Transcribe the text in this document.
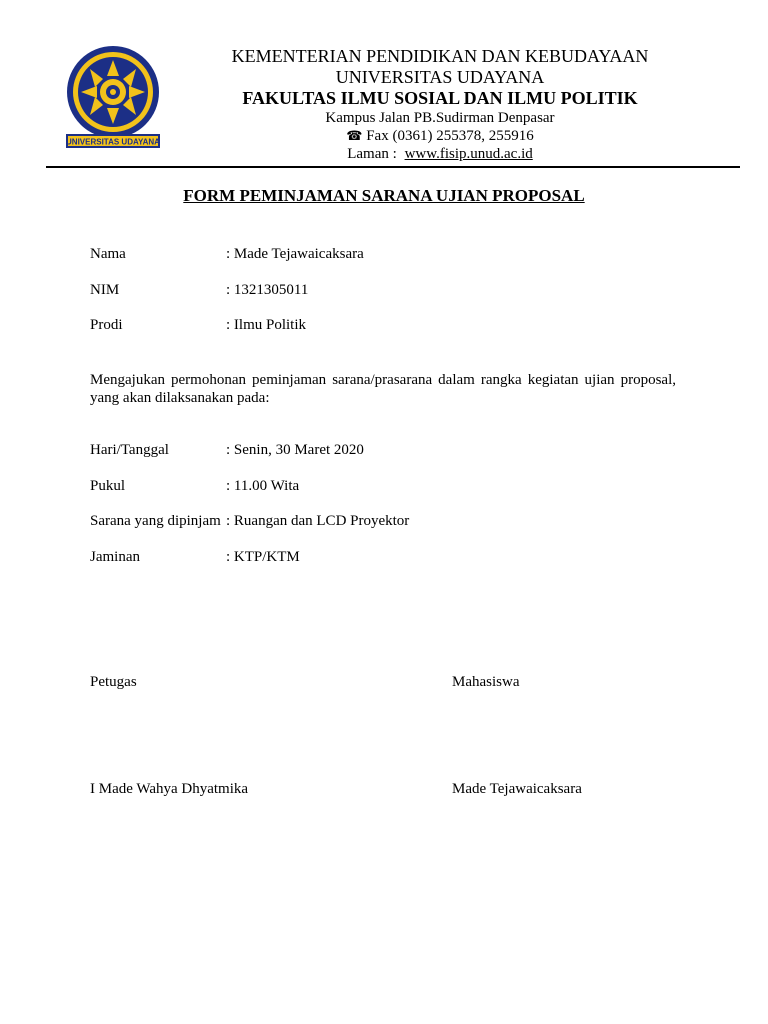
UNIVERSITAS UDAYANA
KEMENTERIAN PENDIDIKAN DAN KEBUDAYAAN
UNIVERSITAS UDAYANA
FAKULTAS ILMU SOSIAL DAN ILMU POLITIK
Kampus Jalan PB.Sudirman Denpasar
☎ Fax (0361) 255378, 255916
Laman : www.fisip.unud.ac.id
FORM PEMINJAMAN SARANA UJIAN PROPOSAL
Nama	: Made Tejawaicaksara
NIM	: 1321305011
Prodi	: Ilmu Politik
Mengajukan permohonan peminjaman sarana/prasarana dalam rangka kegiatan ujian proposal, yang akan dilaksanakan pada:
Hari/Tanggal	: Senin, 30 Maret 2020
Pukul	: 11.00 Wita
Sarana yang dipinjam : Ruangan dan LCD Proyektor
Jaminan	: KTP/KTM
Petugas	Mahasiswa
I Made Wahya Dhyatmika	Made Tejawaicaksara
